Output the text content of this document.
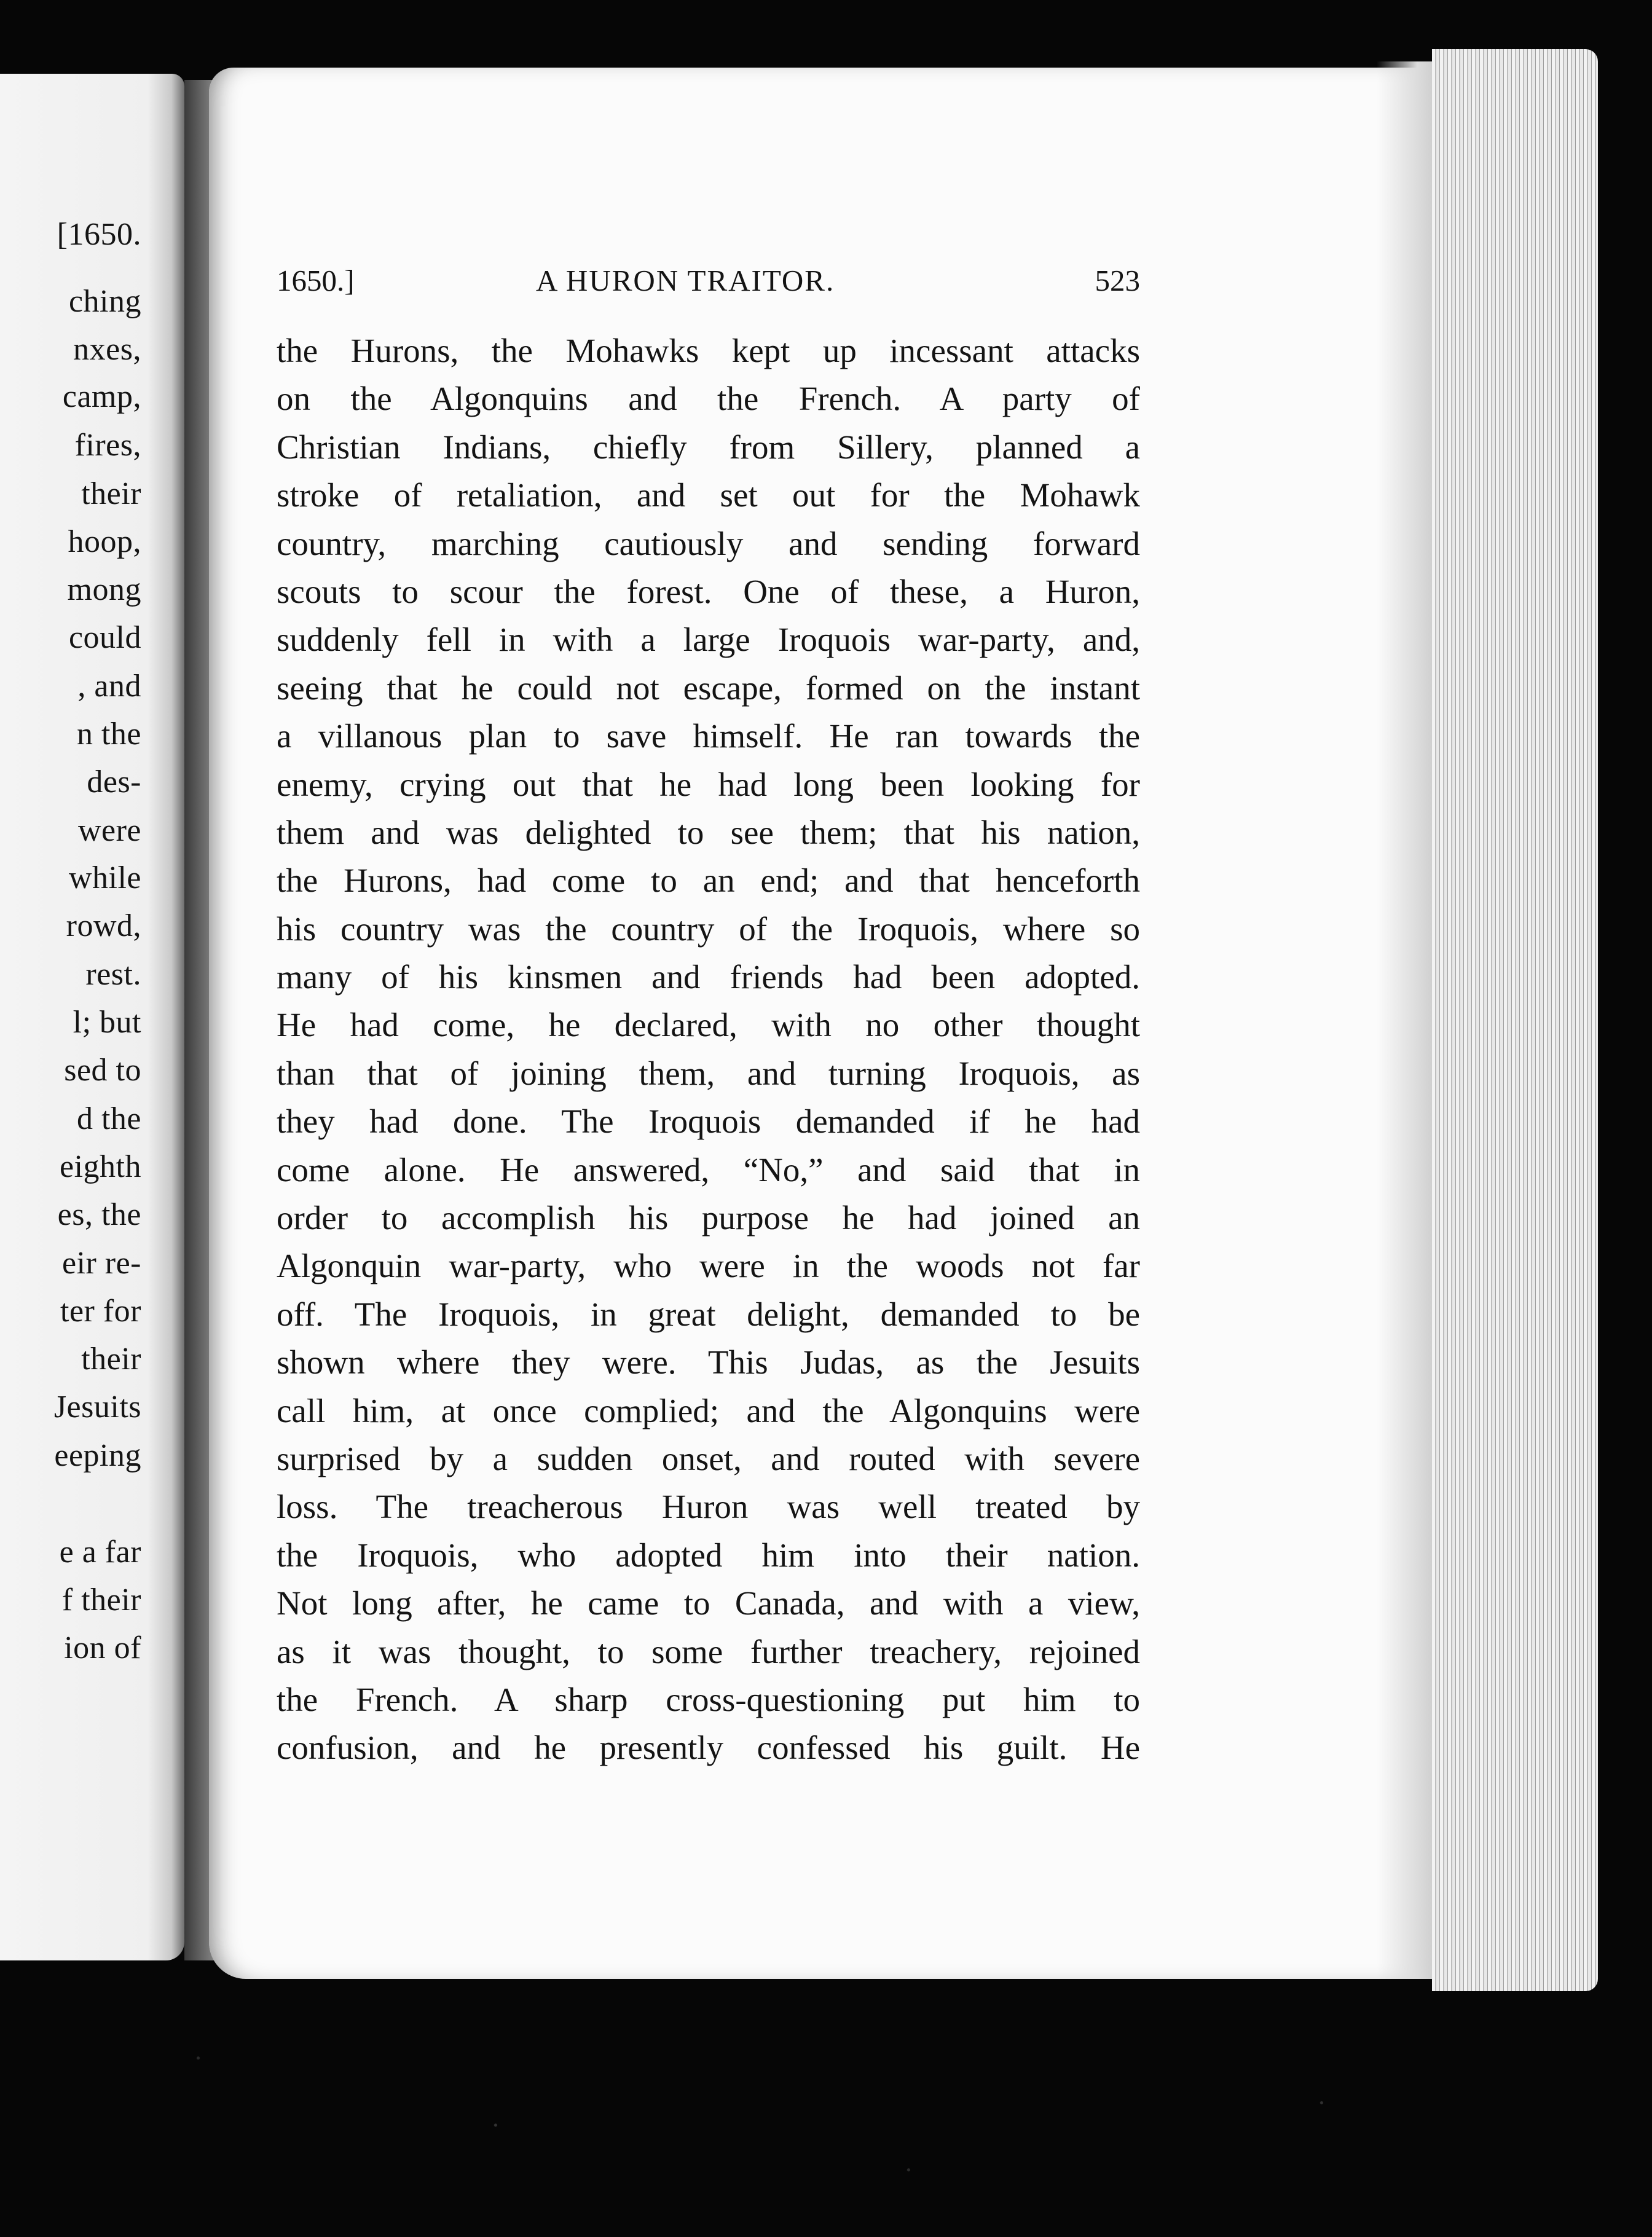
[1650.
ching
nxes,
camp,
fires,
their
hoop,
mong
could
, and
n the
des-
were
while
rowd,
rest.
l; but
sed to
d the
eighth
es, the
eir re-
ter for
their
Jesuits
eeping
e a far
f their
ion of
1650.]	A HURON TRAITOR.	523
the Hurons, the Mohawks kept up incessant attacks
on the Algonquins and the French. A party of
Christian Indians, chiefly from Sillery, planned a
stroke of retaliation, and set out for the Mohawk
country, marching cautiously and sending forward
scouts to scour the forest. One of these, a Huron,
suddenly fell in with a large Iroquois war-party, and,
seeing that he could not escape, formed on the instant
a villanous plan to save himself. He ran towards the
enemy, crying out that he had long been looking for
them and was delighted to see them; that his nation,
the Hurons, had come to an end; and that henceforth
his country was the country of the Iroquois, where so
many of his kinsmen and friends had been adopted.
He had come, he declared, with no other thought
than that of joining them, and turning Iroquois, as
they had done. The Iroquois demanded if he had
come alone. He answered, “No,” and said that in
order to accomplish his purpose he had joined an
Algonquin war-party, who were in the woods not far
off. The Iroquois, in great delight, demanded to be
shown where they were. This Judas, as the Jesuits
call him, at once complied; and the Algonquins were
surprised by a sudden onset, and routed with severe
loss. The treacherous Huron was well treated by
the Iroquois, who adopted him into their nation.
Not long after, he came to Canada, and with a view,
as it was thought, to some further treachery, rejoined
the French. A sharp cross-questioning put him to
confusion, and he presently confessed his guilt. He
